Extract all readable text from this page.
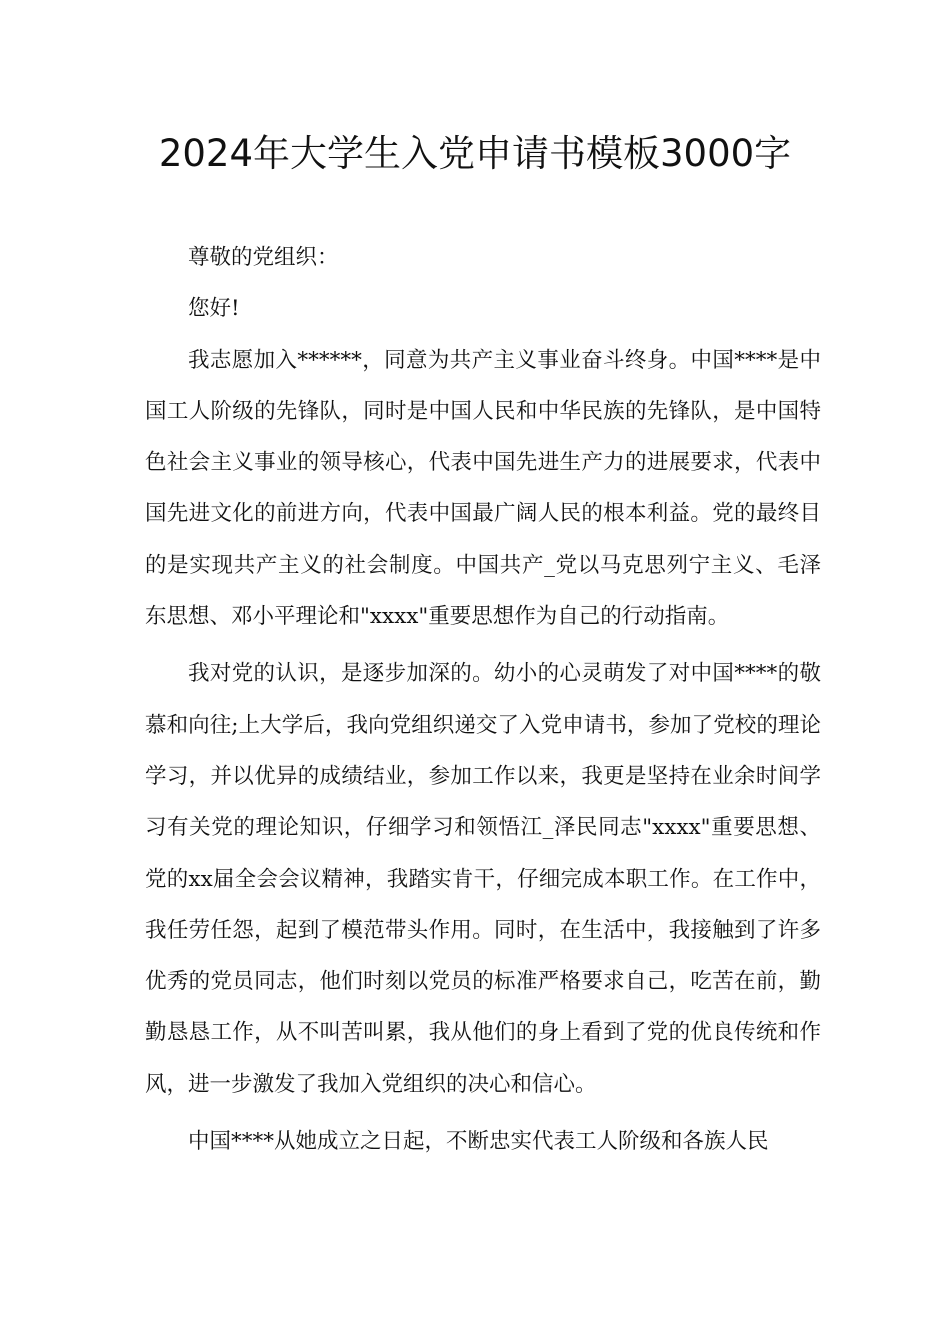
2024年大学生入党申请书模板3000字

尊敬的党组织：

您好!

我志愿加入******，同意为共产主义事业奋斗终身。中国****是中国工人阶级的先锋队，同时是中国人民和中华民族的先锋队，是中国特色社会主义事业的领导核心，代表中国先进生产力的进展要求，代表中国先进文化的前进方向，代表中国最广阔人民的根本利益。党的最终目的是实现共产主义的社会制度。中国共产_党以马克思列宁主义、毛泽东思想、邓小平理论和"xxxx"重要思想作为自己的行动指南。

我对党的认识，是逐步加深的。幼小的心灵萌发了对中国****的敬慕和向往;上大学后，我向党组织递交了入党申请书，参加了党校的理论学习，并以优异的成绩结业，参加工作以来，我更是坚持在业余时间学习有关党的理论知识，仔细学习和领悟江_泽民同志"xxxx"重要思想、党的xx届全会会议精神，我踏实肯干，仔细完成本职工作。在工作中，我任劳任怨，起到了模范带头作用。同时，在生活中，我接触到了许多优秀的党员同志，他们时刻以党员的标准严格要求自己，吃苦在前，勤勤恳恳工作，从不叫苦叫累，我从他们的身上看到了党的优良传统和作风，进一步激发了我加入党组织的决心和信心。

中国****从她成立之日起，不断忠实代表工人阶级和各族人民
